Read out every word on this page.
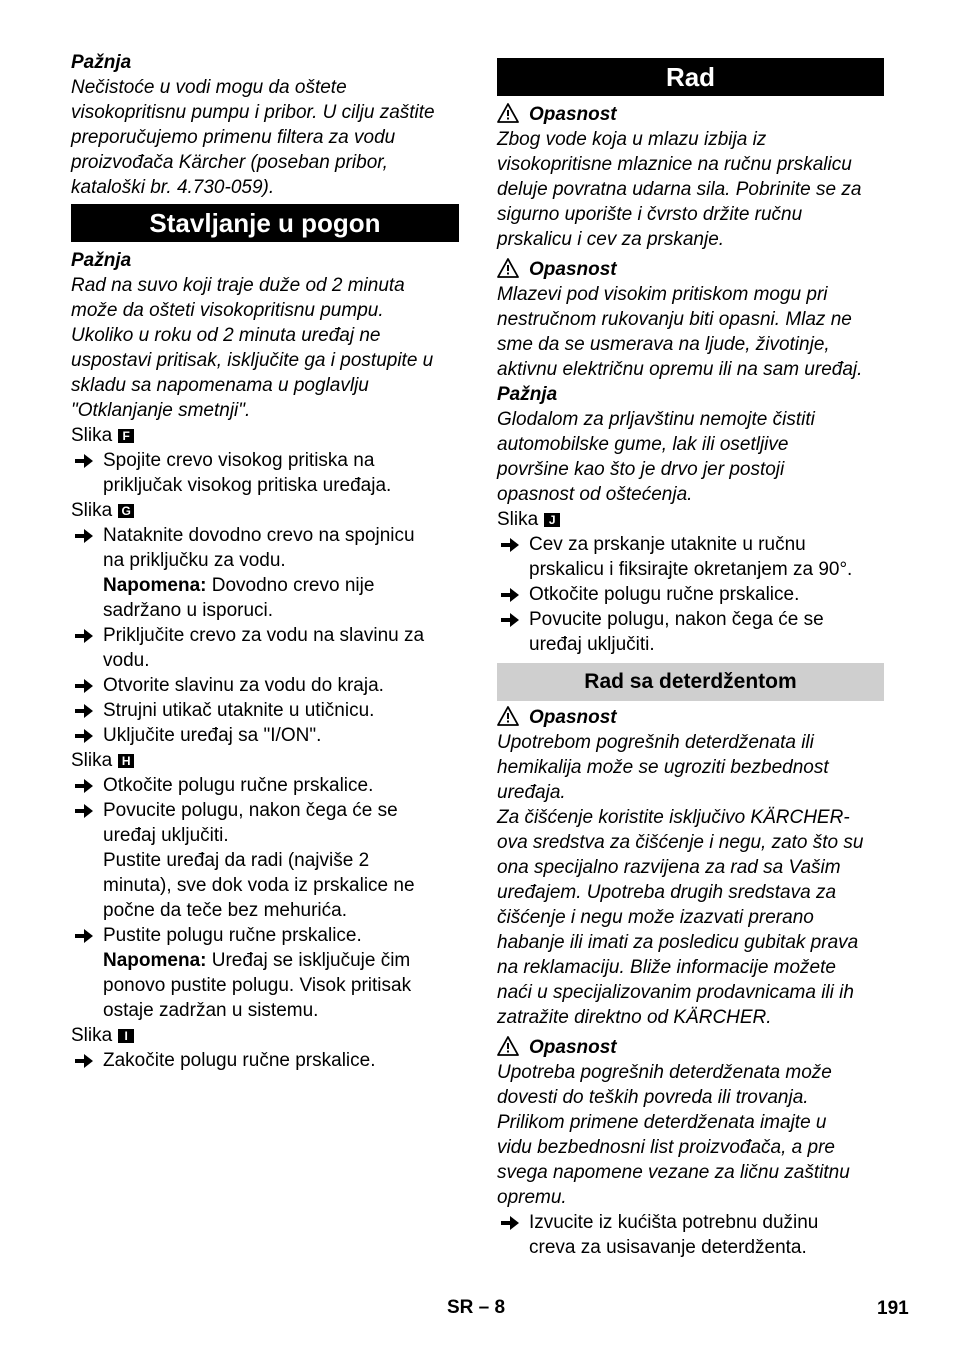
Pažnja

Nečistoće u vodi mogu da oštete

visokopritisnu pumpu i pribor. U cilju zaštite

preporučujemo primenu filtera za vodu

proizvođača Kärcher (poseban pribor,

kataloški br. 4.730-059).

Stavljanje u pogon

Pažnja

Rad na suvo koji traje duže od 2 minuta

može da ošteti visokopritisnu pumpu.

Ukoliko u roku od 2 minuta uređaj ne

uspostavi pritisak, isključite ga i postupite u

skladu sa napomenama u poglavlju

"Otklanjanje smetnji".

Slika F

Spojite crevo visokog pritiska na

priključak visokog pritiska uređaja.

Slika G

Nataknite dovodno crevo na spojnicu

na priključku za vodu.

Napomena: Dovodno crevo nije

sadržano u isporuci.

Priključite crevo za vodu na slavinu za

vodu.

Otvorite slavinu za vodu do kraja.

Strujni utikač utaknite u utičnicu.

Uključite uređaj sa "I/ON".

Slika H

Otkočite polugu ručne prskalice.

Povucite polugu, nakon čega će se

uređaj uključiti.

Pustite uređaj da radi (najviše 2

minuta), sve dok voda iz prskalice ne

počne da teče bez mehurića.

Pustite polugu ručne prskalice.

Napomena: Uređaj se isključuje čim

ponovo pustite polugu. Visok pritisak

ostaje zadržan u sistemu.

Slika I

Zakočite polugu ručne prskalice.

Rad

Opasnost

Zbog vode koja u mlazu izbija iz

visokopritisne mlaznice na ručnu prskalicu

deluje povratna udarna sila. Pobrinite se za

sigurno uporište i čvrsto držite ručnu

prskalicu i cev za prskanje.

Opasnost

Mlazevi pod visokim pritiskom mogu pri

nestručnom rukovanju biti opasni. Mlaz ne

sme da se usmerava na ljude, životinje,

aktivnu električnu opremu ili na sam uređaj.

Pažnja

Glodalom za prljavštinu nemojte čistiti

automobilske gume, lak ili osetljive

površine kao što je drvo jer postoji

opasnost od oštećenja.

Slika J

Cev za prskanje utaknite u ručnu

prskalicu i fiksirajte okretanjem za 90°.

Otkočite polugu ručne prskalice.

Povucite polugu, nakon čega će se

uređaj uključiti.

Rad sa deterdžentom

Opasnost

Upotrebom pogrešnih deterdženata ili

hemikalija može se ugroziti bezbednost

uređaja.

Za čišćenje koristite isključivo KÄRCHER-

ova sredstva za čišćenje i negu, zato što su

ona specijalno razvijena za rad sa Vašim

uređajem. Upotreba drugih sredstava za

čišćenje i negu može izazvati prerano

habanje ili imati za posledicu gubitak prava

na reklamaciju. Bliže informacije možete

naći u specijalizovanim prodavnicama ili ih

zatražite direktno od KÄRCHER.

Opasnost

Upotreba pogrešnih deterdženata može

dovesti do teških povreda ili trovanja.

Prilikom primene deterdženata imajte u

vidu bezbednosni list proizvođača, a pre

svega napomene vezane za ličnu zaštitnu

opremu.

Izvucite iz kućišta potrebnu dužinu

creva za usisavanje deterdženta.

SR – 8	191
